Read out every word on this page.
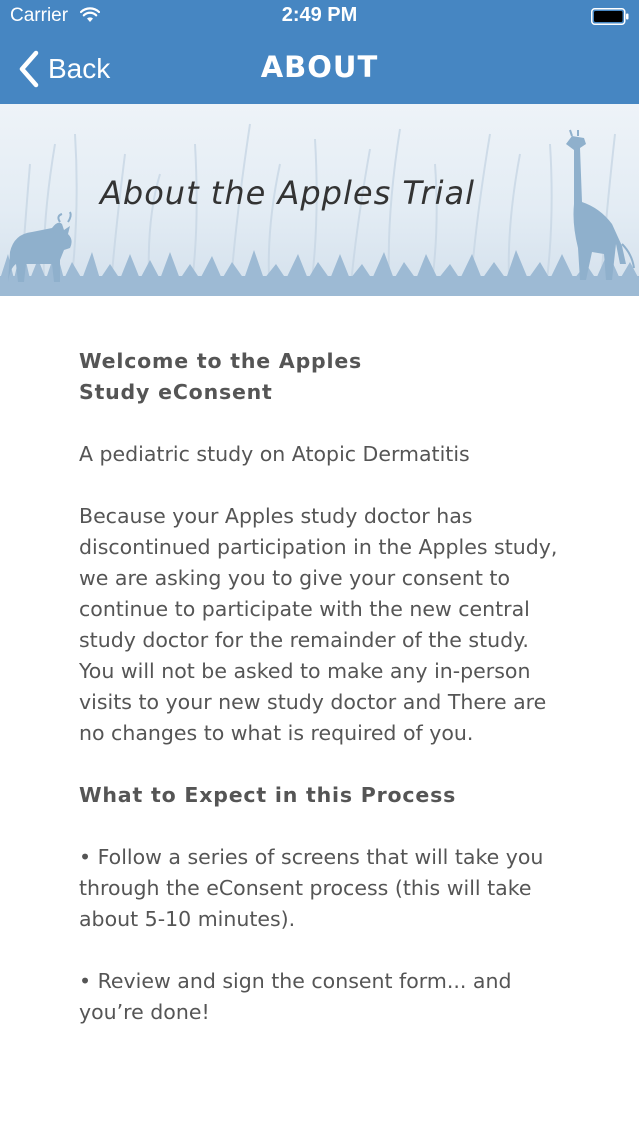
Carrier	2:49 PM
Back	ABOUT
About the Apples Trial

Welcome to the Apples
Study eConsent

A pediatric study on Atopic Dermatitis

Because your Apples study doctor has discontinued participation in the Apples study, we are asking you to give your consent to continue to participate with the new central study doctor for the remainder of the study. You will not be asked to make any in-person visits to your new study doctor and There are no changes to what is required of you.

What to Expect in this Process

• Follow a series of screens that will take you through the eConsent process (this will take about 5-10 minutes).

• Review and sign the consent form... and you’re done!
